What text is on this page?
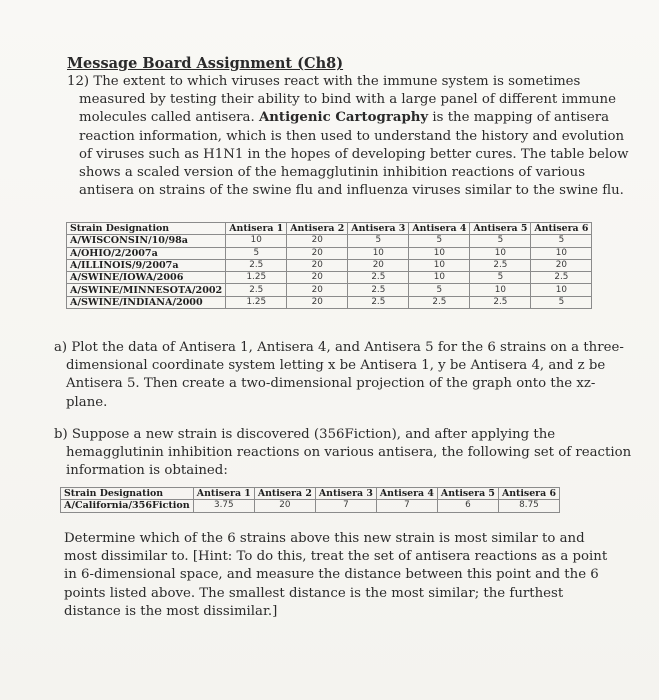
Message Board Assignment (Ch8)
12) The extent to which viruses react with the immune system is sometimes measured by testing their ability to bind with a large panel of different immune molecules called antisera. Antigenic Cartography is the mapping of antisera reaction information, which is then used to understand the history and evolution of viruses such as H1N1 in the hopes of developing better cures. The table below shows a scaled version of the hemagglutinin inhibition reactions of various antisera on strains of the swine flu and influenza viruses similar to the swine flu.
Strain Designation	Antisera 1	Antisera 2	Antisera 3	Antisera 4	Antisera 5	Antisera 6
A/WISCONSIN/10/98a	10	20	5	5	5	5
A/OHIO/2/2007a	5	20	10	10	10	10
A/ILLINOIS/9/2007a	2.5	20	20	10	2.5	20
A/SWINE/IOWA/2006	1.25	20	2.5	10	5	2.5
A/SWINE/MINNESOTA/2002	2.5	20	2.5	5	10	10
A/SWINE/INDIANA/2000	1.25	20	2.5	2.5	2.5	5
a) Plot the data of Antisera 1, Antisera 4, and Antisera 5 for the 6 strains on a three-dimensional coordinate system letting x be Antisera 1, y be Antisera 4, and z be Antisera 5. Then create a two-dimensional projection of the graph onto the xz-plane.
b) Suppose a new strain is discovered (356Fiction), and after applying the hemagglutinin inhibition reactions on various antisera, the following set of reaction information is obtained:
Strain Designation	Antisera 1	Antisera 2	Antisera 3	Antisera 4	Antisera 5	Antisera 6
A/California/356Fiction	3.75	20	7	7	6	8.75
Determine which of the 6 strains above this new strain is most similar to and most dissimilar to. [Hint: To do this, treat the set of antisera reactions as a point in 6-dimensional space, and measure the distance between this point and the 6 points listed above. The smallest distance is the most similar; the furthest distance is the most dissimilar.]
